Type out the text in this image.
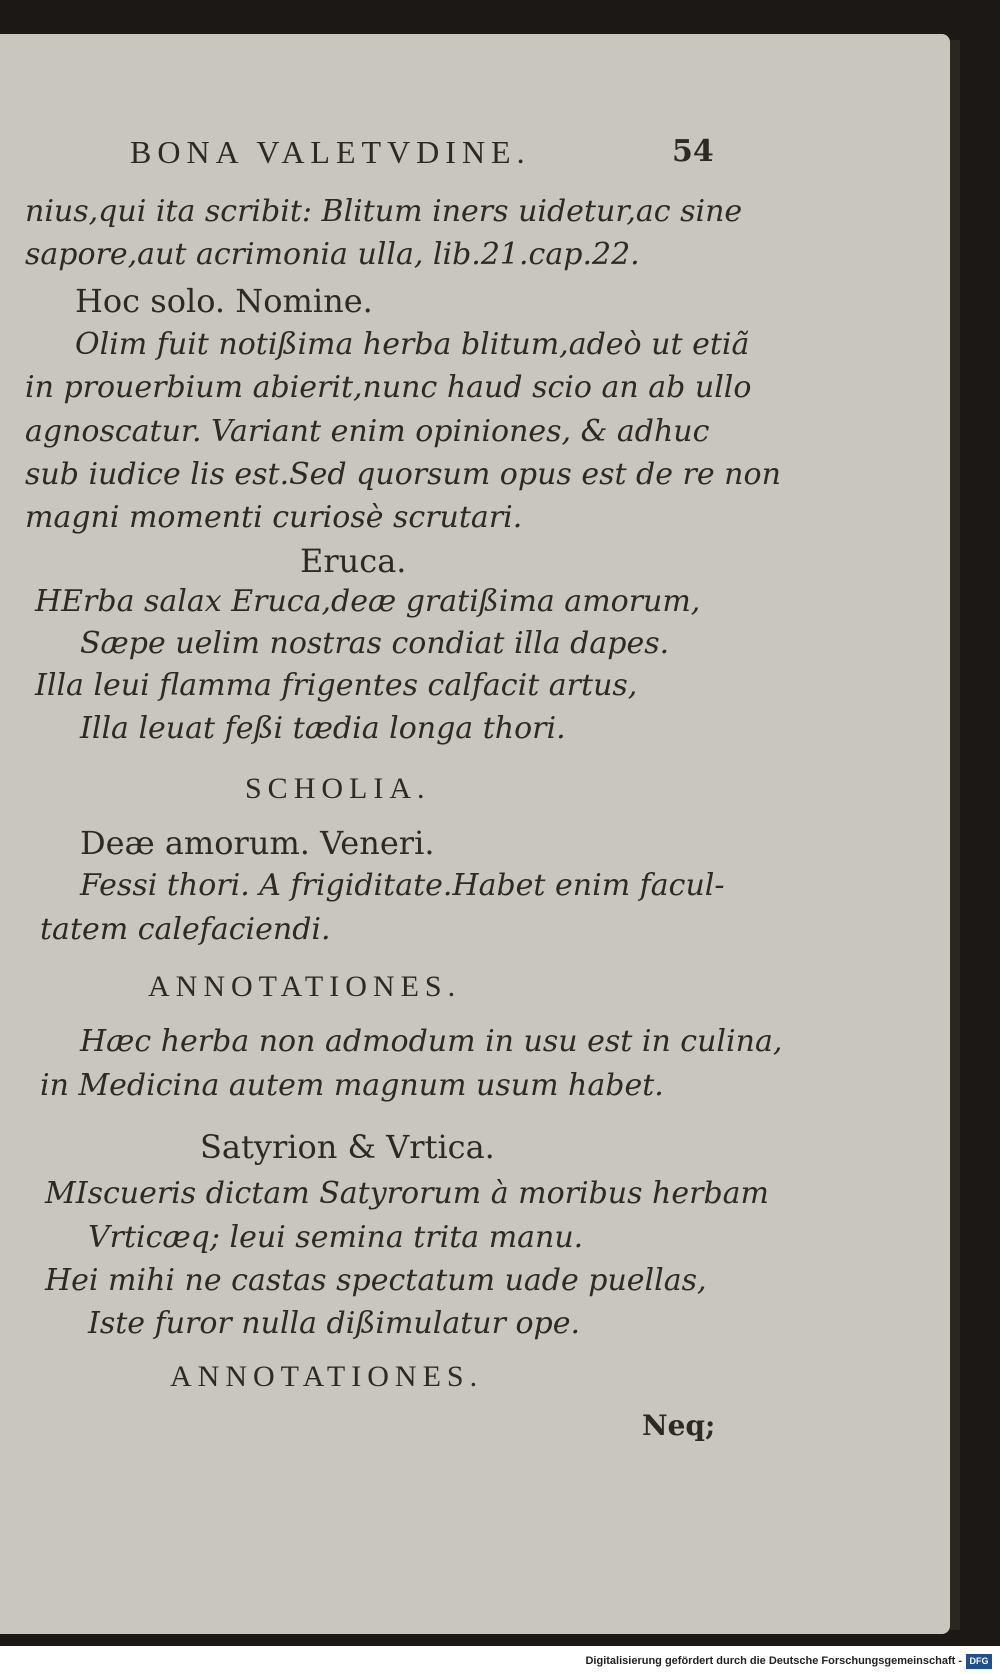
BONA VALETVDINE.	54
nius,qui ita scribit: Blitum iners uidetur,ac sine
sapore,aut acrimonia ulla, lib.21.cap.22.
Hoc solo. Nomine.
Olim fuit notißima herba blitum,adeò ut etiã
in prouerbium abierit,nunc haud scio an ab ullo
agnoscatur. Variant enim opiniones, & adhuc
sub iudice lis est.Sed quorsum opus est de re non
magni momenti curiosè scrutari.
Eruca.
HErba salax Eruca,deæ gratißima amorum,
Sæpe uelim nostras condiat illa dapes.
Illa leui flamma frigentes calfacit artus,
Illa leuat feßi tædia longa thori.
SCHOLIA.
Deæ amorum. Veneri.
Fessi thori. A frigiditate.Habet enim facul-
tatem calefaciendi.
ANNOTATIONES.
Hæc herba non admodum in usu est in culina,
in Medicina autem magnum usum habet.
Satyrion & Vrtica.
MIscueris dictam Satyrorum à moribus herbam
Vrticæq; leui semina trita manu.
Hei mihi ne castas spectatum uade puellas,
Iste furor nulla dißimulatur ope.
ANNOTATIONES.
Neq;
Digitalisierung gefördert durch die Deutsche Forschungsgemeinschaft - DFG
